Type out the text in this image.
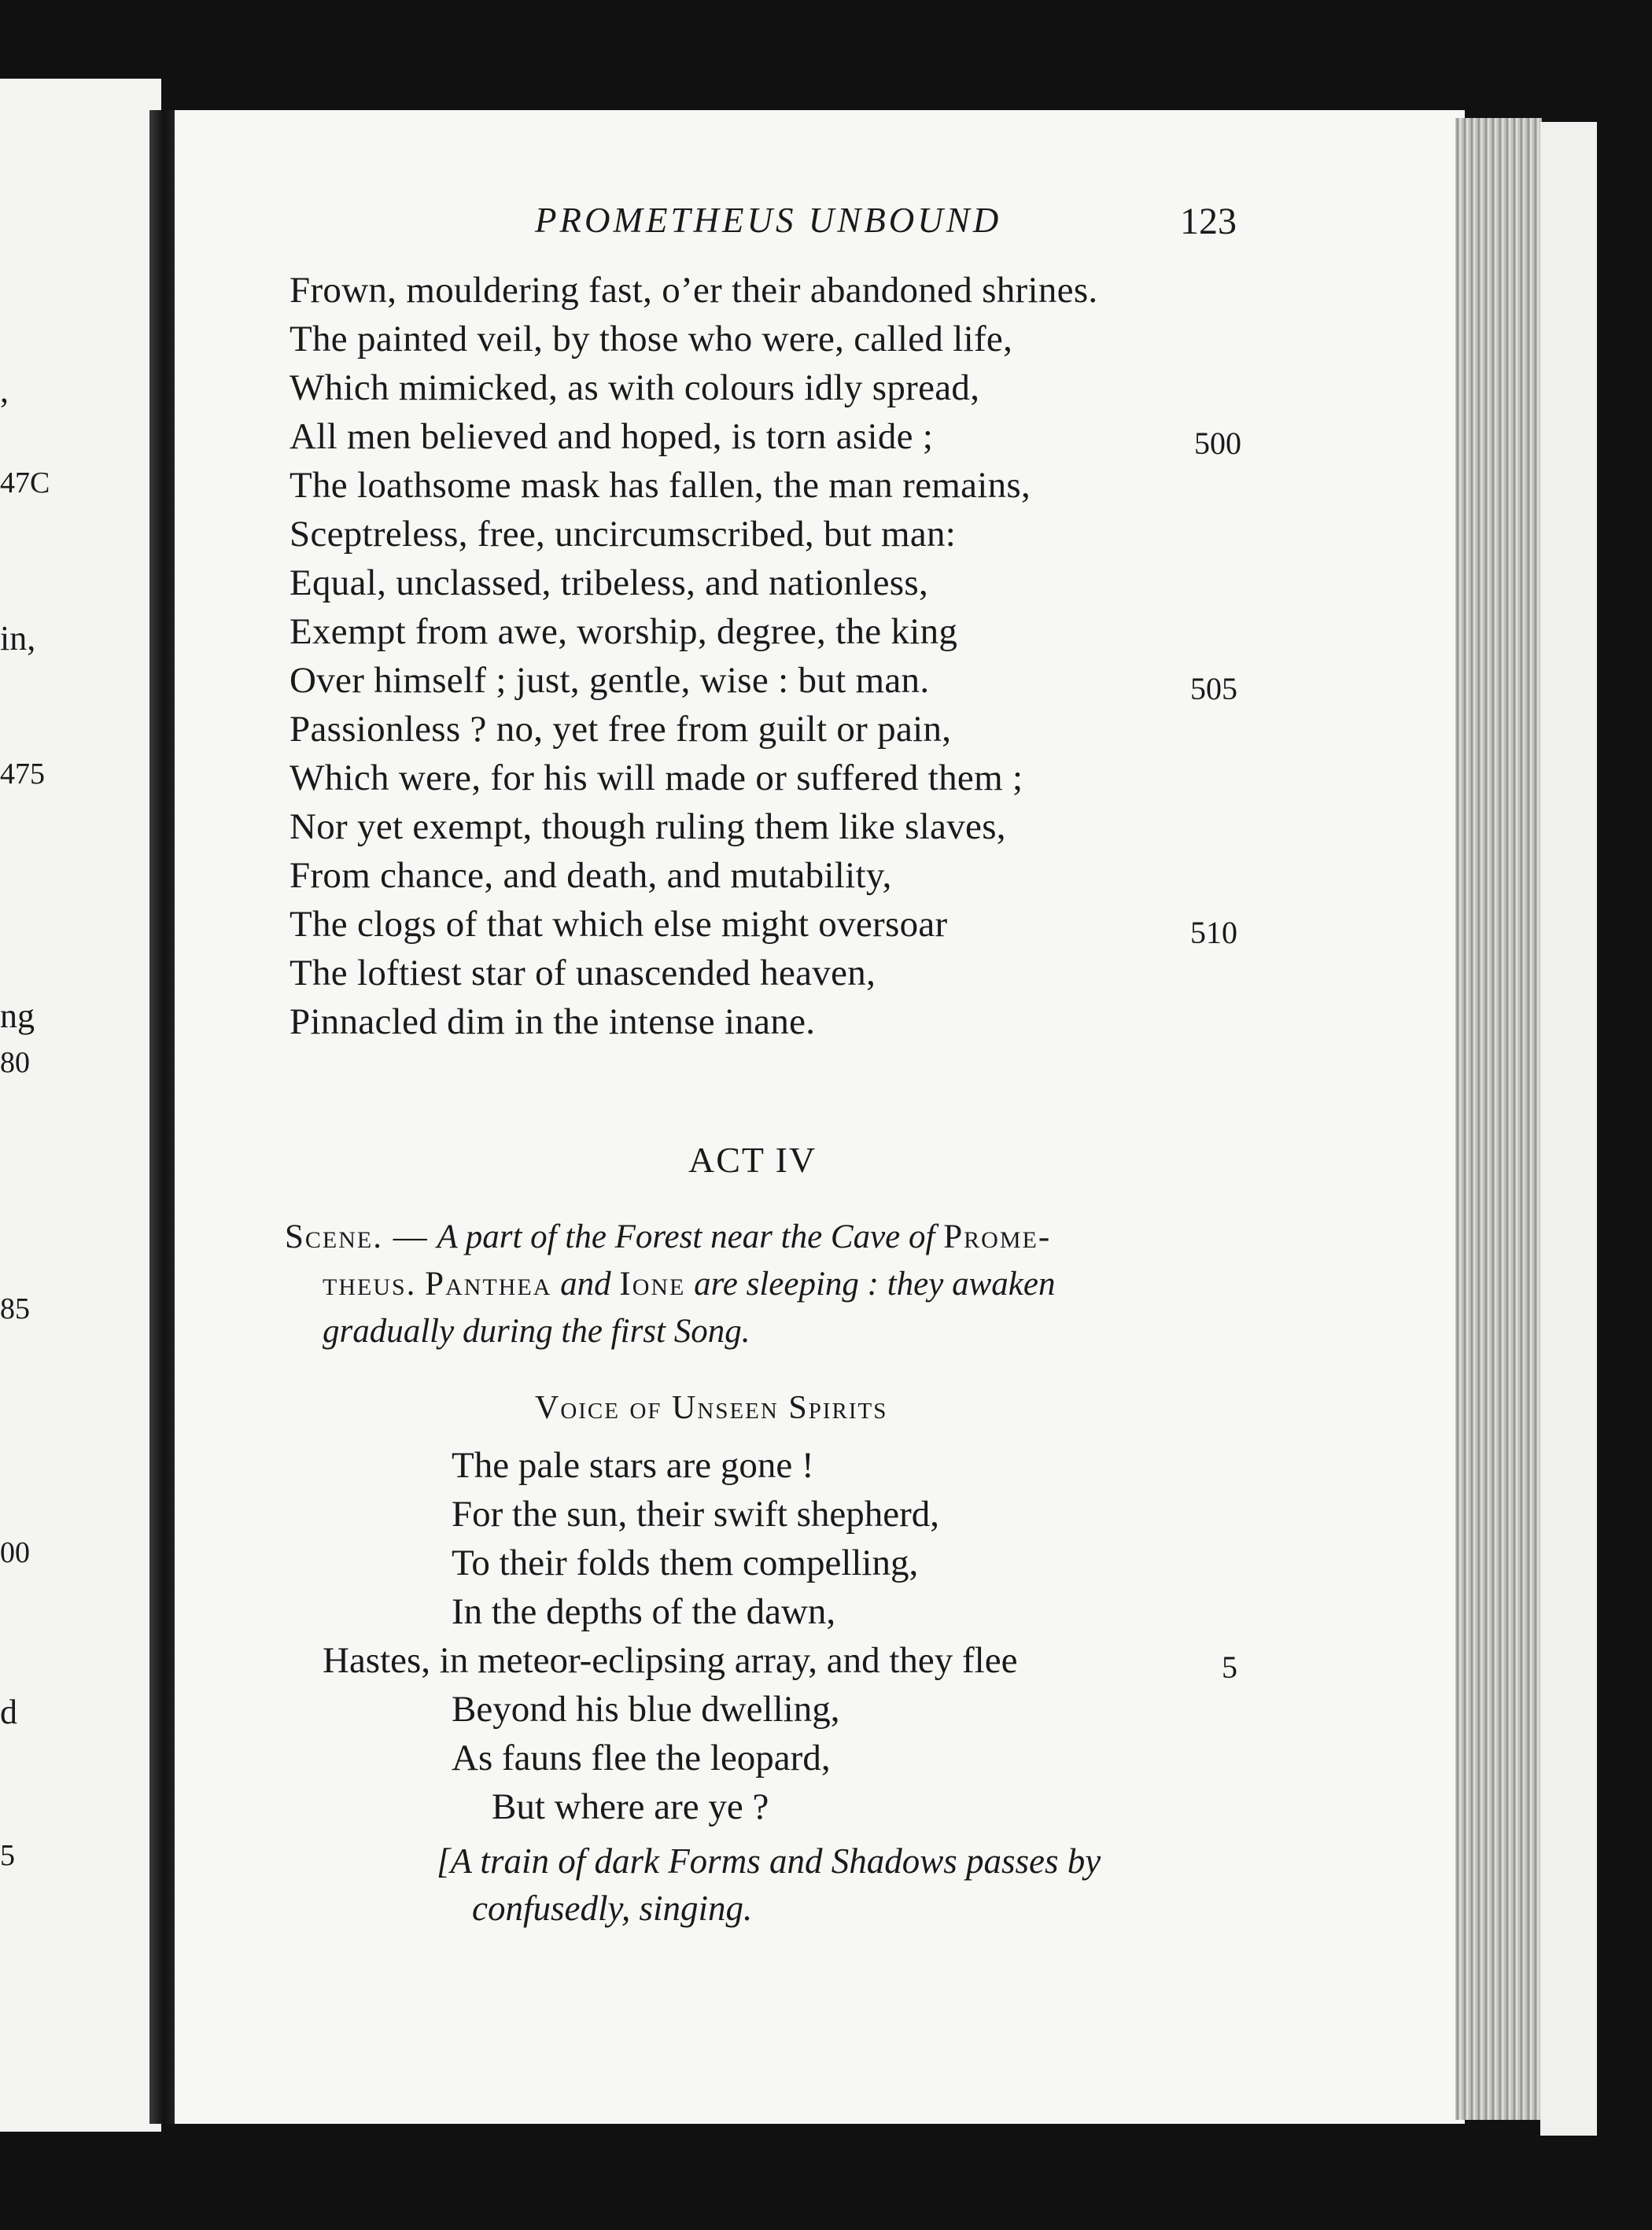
,
47C
in,
475
ng
80
85
00
d
5
PROMETHEUS UNBOUND	123
Frown, mouldering fast, o’er their abandoned shrines.
The painted veil, by those who were, called life,
Which mimicked, as with colours idly spread,
All men believed and hoped, is torn aside ;	500
The loathsome mask has fallen, the man remains,
Sceptreless, free, uncircumscribed, but man:
Equal, unclassed, tribeless, and nationless,
Exempt from awe, worship, degree, the king
Over himself ; just, gentle, wise : but man.	505
Passionless ? no, yet free from guilt or pain,
Which were, for his will made or suffered them ;
Nor yet exempt, though ruling them like slaves,
From chance, and death, and mutability,
The clogs of that which else might oversoar	510
The loftiest star of unascended heaven,
Pinnacled dim in the intense inane.
ACT IV
Scene. — A part of the Forest near the Cave of Prome-
theus. Panthea and Ione are sleeping : they awaken
gradually during the first Song.
Voice of Unseen Spirits
The pale stars are gone !
For the sun, their swift shepherd,
To their folds them compelling,
In the depths of the dawn,
Hastes, in meteor-eclipsing array, and they flee	5
Beyond his blue dwelling,
As fauns flee the leopard,
But where are ye ?
[A train of dark Forms and Shadows passes by
confusedly, singing.
